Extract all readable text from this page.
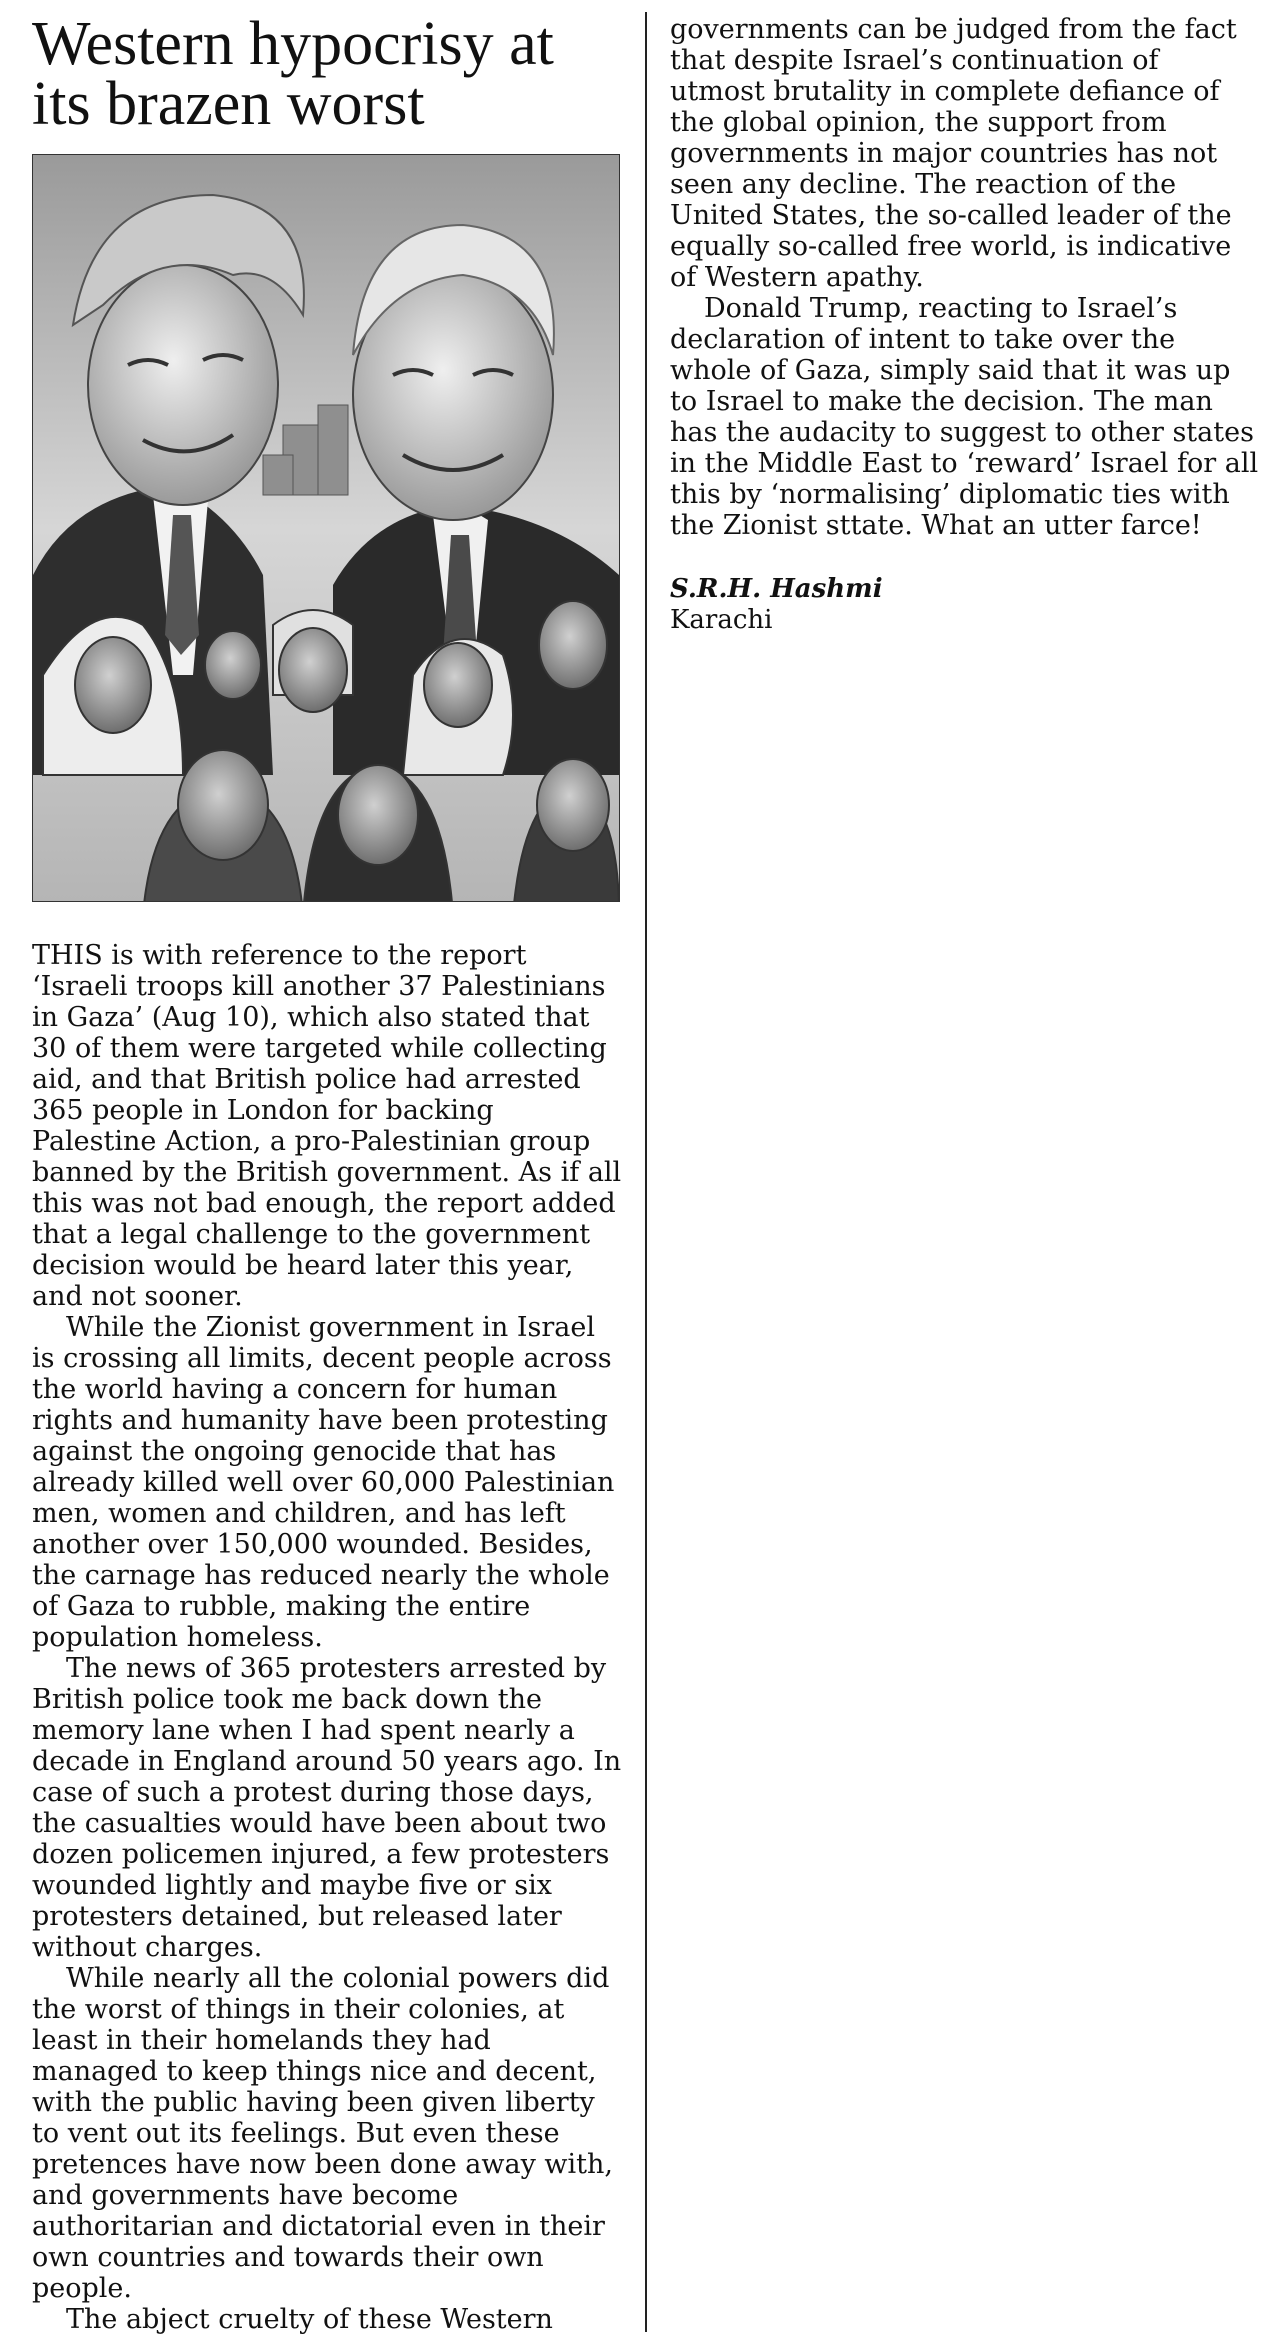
Western hypocrisy at its brazen worst

THIS is with reference to the report ‘Israeli troops kill another 37 Palestinians in Gaza’ (Aug 10), which also stated that 30 of them were targeted while collecting aid, and that British police had arrested 365 people in London for backing Palestine Action, a pro-Palestinian group banned by the British government. As if all this was not bad enough, the report added that a legal challenge to the government decision would be heard later this year, and not sooner.

While the Zionist government in Israel is crossing all limits, decent people across the world having a concern for human rights and humanity have been protesting against the ongoing genocide that has already killed well over 60,000 Palestinian men, women and children, and has left another over 150,000 wounded. Besides, the carnage has reduced nearly the whole of Gaza to rubble, making the entire population homeless.

The news of 365 protesters arrested by British police took me back down the memory lane when I had spent nearly a decade in England around 50 years ago. In case of such a protest during those days, the casualties would have been about two dozen policemen injured, a few protesters wounded lightly and maybe five or six protesters detained, but released later without charges.

While nearly all the colonial powers did the worst of things in their colonies, at least in their homelands they had managed to keep things nice and decent, with the public having been given liberty to vent out its feelings. But even these pretences have now been done away with, and governments have become authoritarian and dictatorial even in their own countries and towards their own people.

The abject cruelty of these Western

governments can be judged from the fact that despite Israel’s continuation of utmost brutality in complete defiance of the global opinion, the support from governments in major countries has not seen any decline. The reaction of the United States, the so-called leader of the equally so-called free world, is indicative of Western apathy.

Donald Trump, reacting to Israel’s declaration of intent to take over the whole of Gaza, simply said that it was up to Israel to make the decision. The man has the audacity to suggest to other states in the Middle East to ‘reward’ Israel for all this by ‘normalising’ diplomatic ties with the Zionist sttate. What an utter farce!

S.R.H. Hashmi
Karachi
